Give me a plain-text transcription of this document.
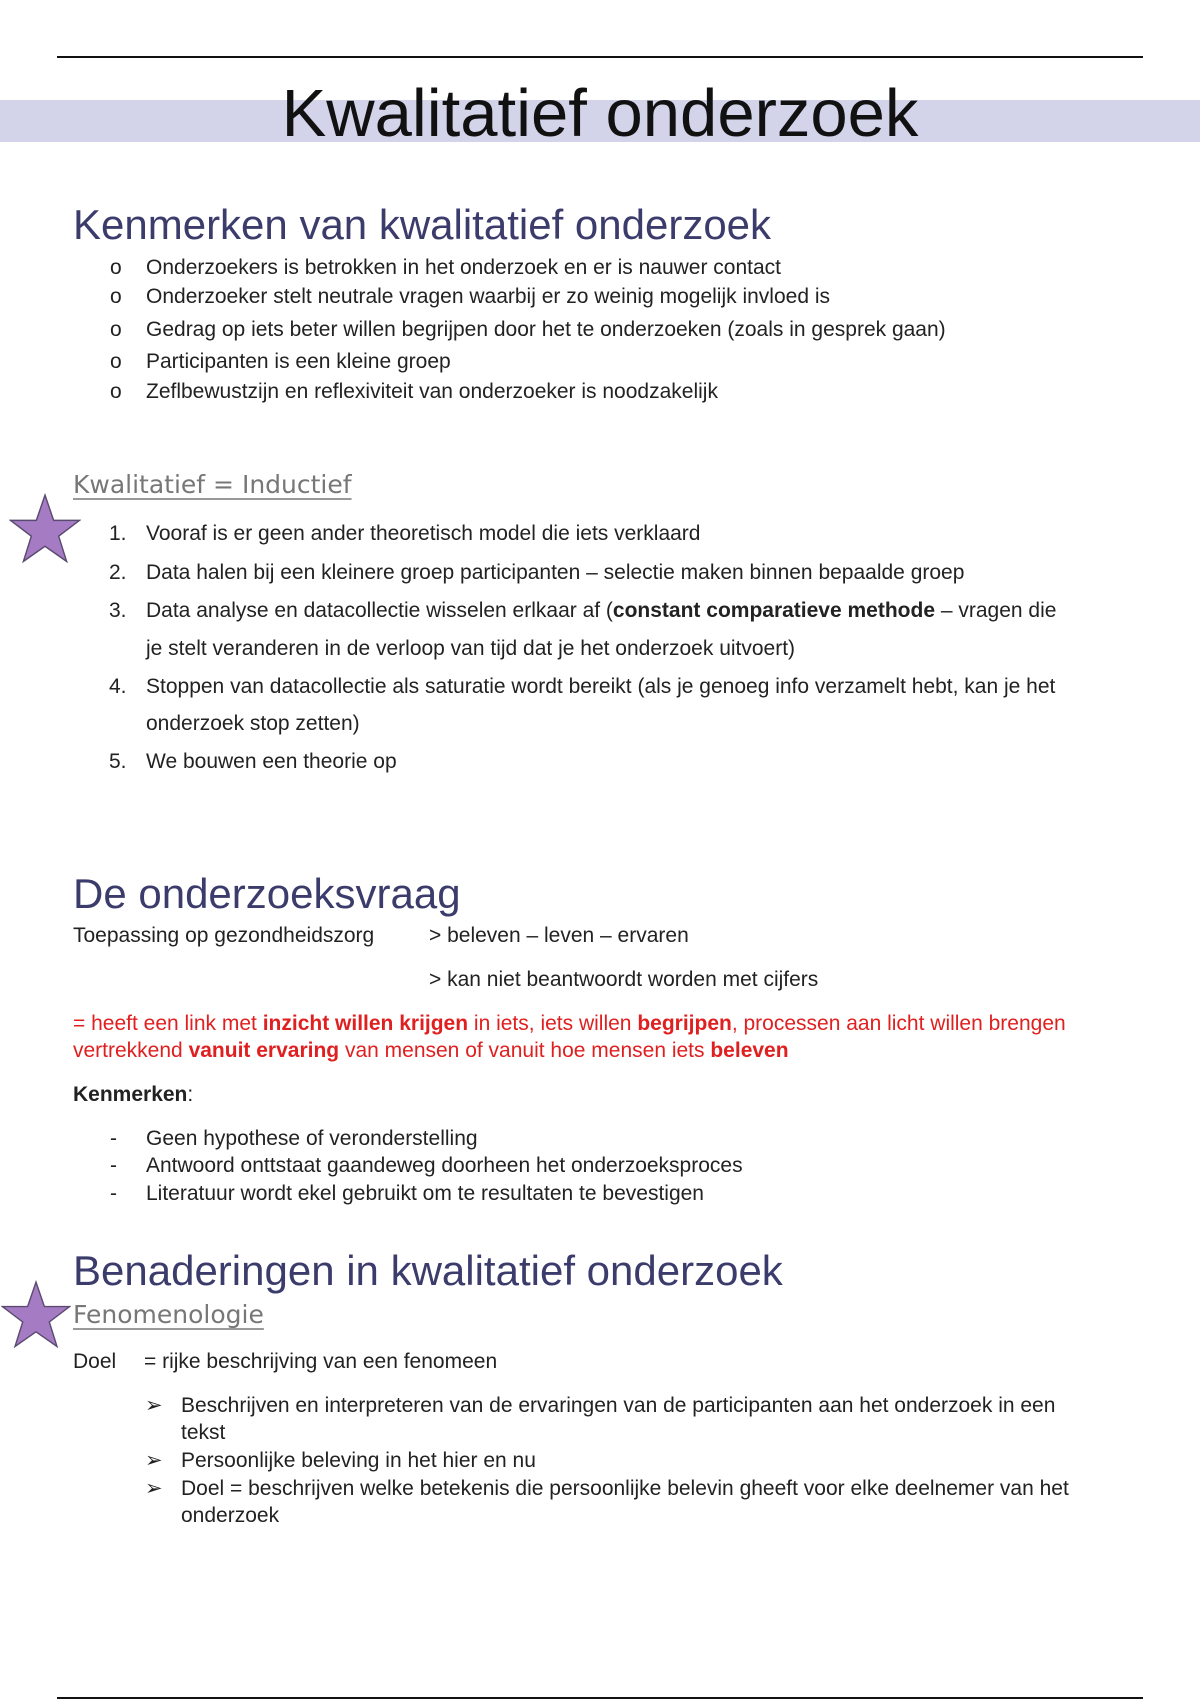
Kwalitatief onderzoek
Kenmerken van kwalitatief onderzoek
o Onderzoekers is betrokken in het onderzoek en er is nauwer contact
o Onderzoeker stelt neutrale vragen waarbij er zo weinig mogelijk invloed is
o Gedrag op iets beter willen begrijpen door het te onderzoeken (zoals in gesprek gaan)
o Participanten is een kleine groep
o Zeflbewustzijn en reflexiviteit van onderzoeker is noodzakelijk
Kwalitatief = Inductief
1. Vooraf is er geen ander theoretisch model die iets verklaard
2. Data halen bij een kleinere groep participanten – selectie maken binnen bepaalde groep
3. Data analyse en datacollectie wisselen erlkaar af (constant comparatieve methode – vragen die
je stelt veranderen in de verloop van tijd dat je het onderzoek uitvoert)
4. Stoppen van datacollectie als saturatie wordt bereikt (als je genoeg info verzamelt hebt, kan je het
onderzoek stop zetten)
5. We bouwen een theorie op
De onderzoeksvraag
Toepassing op gezondheidszorg	> beleven – leven – ervaren
> kan niet beantwoordt worden met cijfers
= heeft een link met inzicht willen krijgen in iets, iets willen begrijpen, processen aan licht willen brengen
vertrekkend vanuit ervaring van mensen of vanuit hoe mensen iets beleven
Kenmerken:
- Geen hypothese of veronderstelling
- Antwoord onttstaat gaandeweg doorheen het onderzoeksproces
- Literatuur wordt ekel gebruikt om te resultaten te bevestigen
Benaderingen in kwalitatief onderzoek
Fenomenologie
Doel = rijke beschrijving van een fenomeen
➢ Beschrijven en interpreteren van de ervaringen van de participanten aan het onderzoek in een
tekst
➢ Persoonlijke beleving in het hier en nu
➢ Doel = beschrijven welke betekenis die persoonlijke belevin gheeft voor elke deelnemer van het
onderzoek
